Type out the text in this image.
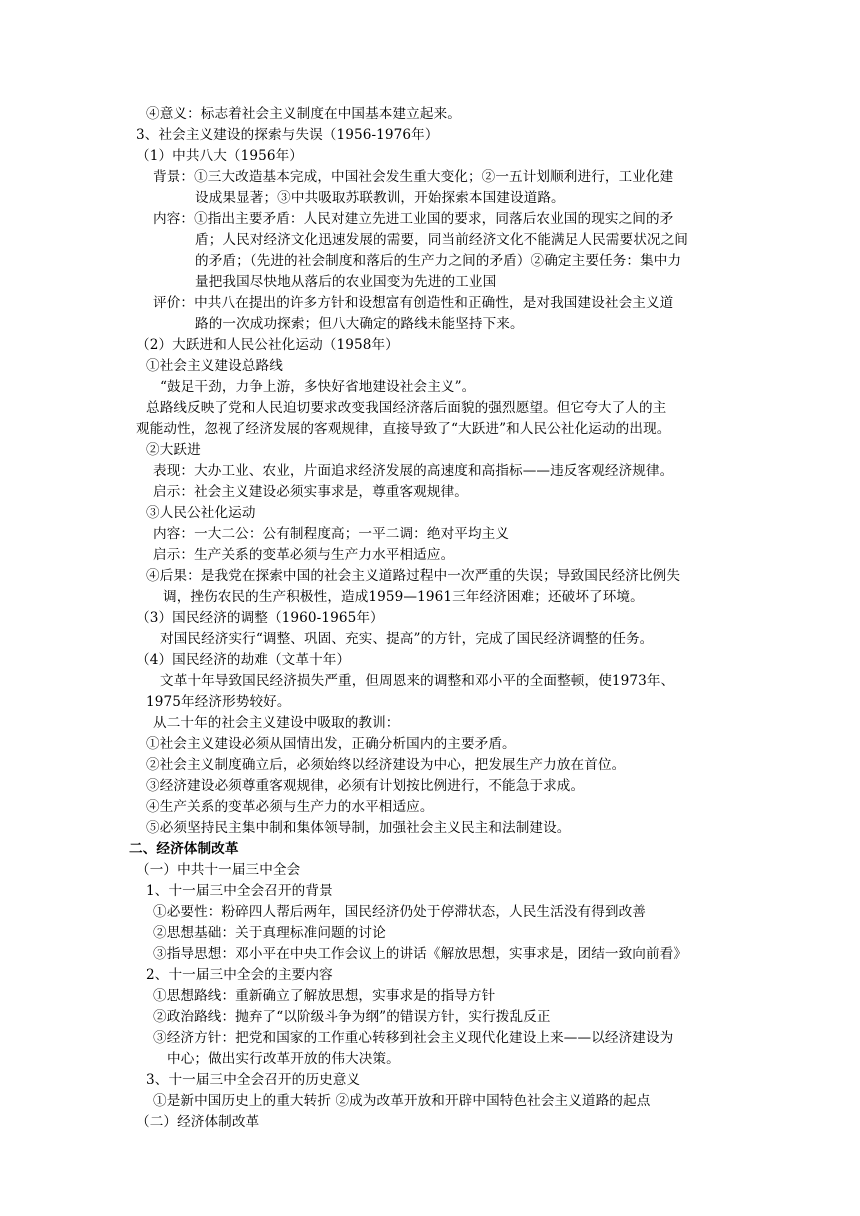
④意义：标志着社会主义制度在中国基本建立起来。
3、社会主义建设的探索与失误（1956-1976年）
（1）中共八大（1956年）
背景：①三大改造基本完成，中国社会发生重大变化；②一五计划顺利进行，工业化建
设成果显著；③中共吸取苏联教训，开始探索本国建设道路。
内容：①指出主要矛盾：人民对建立先进工业国的要求，同落后农业国的现实之间的矛
盾；人民对经济文化迅速发展的需要，同当前经济文化不能满足人民需要状况之间
的矛盾；（先进的社会制度和落后的生产力之间的矛盾）②确定主要任务：集中力
量把我国尽快地从落后的农业国变为先进的工业国
评价：中共八在提出的许多方针和设想富有创造性和正确性，是对我国建设社会主义道
路的一次成功探索；但八大确定的路线未能坚持下来。
（2）大跃进和人民公社化运动（1958年）
①社会主义建设总路线
“鼓足干劲，力争上游，多快好省地建设社会主义”。
总路线反映了党和人民迫切要求改变我国经济落后面貌的强烈愿望。但它夸大了人的主
观能动性，忽视了经济发展的客观规律，直接导致了“大跃进”和人民公社化运动的出现。
②大跃进
表现：大办工业、农业，片面追求经济发展的高速度和高指标——违反客观经济规律。
启示：社会主义建设必须实事求是，尊重客观规律。
③人民公社化运动
内容：一大二公：公有制程度高；一平二调：绝对平均主义
启示：生产关系的变革必须与生产力水平相适应。
④后果：是我党在探索中国的社会主义道路过程中一次严重的失误；导致国民经济比例失
调，挫伤农民的生产积极性，造成1959—1961三年经济困难；还破坏了环境。
（3）国民经济的调整（1960-1965年）
对国民经济实行“调整、巩固、充实、提高”的方针，完成了国民经济调整的任务。
（4）国民经济的劫难（文革十年）
文革十年导致国民经济损失严重，但周恩来的调整和邓小平的全面整顿，使1973年、
1975年经济形势较好。
从二十年的社会主义建设中吸取的教训：
①社会主义建设必须从国情出发，正确分析国内的主要矛盾。
②社会主义制度确立后，必须始终以经济建设为中心，把发展生产力放在首位。
③经济建设必须尊重客观规律，必须有计划按比例进行，不能急于求成。
④生产关系的变革必须与生产力的水平相适应。
⑤必须坚持民主集中制和集体领导制，加强社会主义民主和法制建设。
二、经济体制改革
（一）中共十一届三中全会
1、十一届三中全会召开的背景
①必要性：粉碎四人帮后两年，国民经济仍处于停滞状态，人民生活没有得到改善
②思想基础：关于真理标准问题的讨论
③指导思想：邓小平在中央工作会议上的讲话《解放思想，实事求是，团结一致向前看》
2、十一届三中全会的主要内容
①思想路线：重新确立了解放思想，实事求是的指导方针
②政治路线：抛弃了“以阶级斗争为纲”的错误方针，实行拨乱反正
③经济方针：把党和国家的工作重心转移到社会主义现代化建设上来——以经济建设为
中心；做出实行改革开放的伟大决策。
3、十一届三中全会召开的历史意义
①是新中国历史上的重大转折 ②成为改革开放和开辟中国特色社会主义道路的起点
（二）经济体制改革
